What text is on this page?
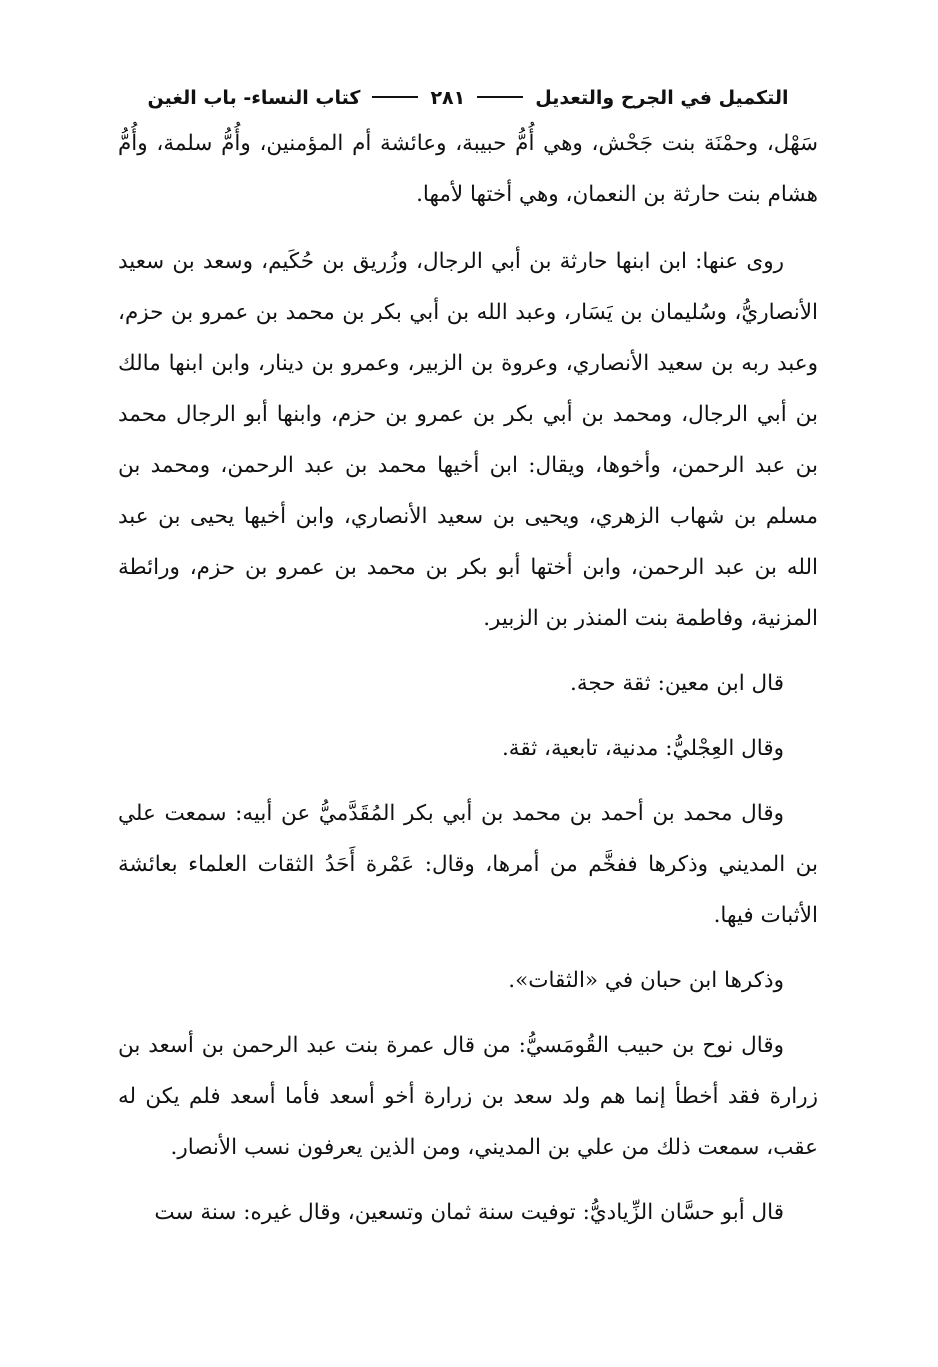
التكميل في الجرح والتعديل
٢٨١
كتاب النساء- باب الغين

سَهْل، وحمْنَة بنت جَحْش، وهي أُمُّ حبيبة، وعائشة أم المؤمنين، وأُمُّ سلمة، وأُمُّ هشام بنت حارثة بن النعمان، وهي أختها لأمها.

روى عنها: ابن ابنها حارثة بن أبي الرجال، وزُريق بن حُكَيم، وسعد بن سعيد الأنصاريُّ، وسُليمان بن يَسَار، وعبد الله بن أبي بكر بن محمد بن عمرو بن حزم، وعبد ربه بن سعيد الأنصاري، وعروة بن الزبير، وعمرو بن دينار، وابن ابنها مالك بن أبي الرجال، ومحمد بن أبي بكر بن عمرو بن حزم، وابنها أبو الرجال محمد بن عبد الرحمن، وأخوها، ويقال: ابن أخيها محمد بن عبد الرحمن، ومحمد بن مسلم بن شهاب الزهري، ويحيى بن سعيد الأنصاري، وابن أخيها يحيى بن عبد الله بن عبد الرحمن، وابن أختها أبو بكر بن محمد بن عمرو بن حزم، ورائطة المزنية، وفاطمة بنت المنذر بن الزبير.

قال ابن معين: ثقة حجة.

وقال العِجْليُّ: مدنية، تابعية، ثقة.

وقال محمد بن أحمد بن محمد بن أبي بكر المُقَدَّميُّ عن أبيه: سمعت علي بن المديني وذكرها ففخَّم من أمرها، وقال: عَمْرة أَحَدُ الثقات العلماء بعائشة الأثبات فيها.

وذكرها ابن حبان في «الثقات».

وقال نوح بن حبيب القُومَسيُّ: من قال عمرة بنت عبد الرحمن بن أسعد بن زرارة فقد أخطأ إنما هم ولد سعد بن زرارة أخو أسعد فأما أسعد فلم يكن له عقب، سمعت ذلك من علي بن المديني، ومن الذين يعرفون نسب الأنصار.

قال أبو حسَّان الزِّياديُّ: توفيت سنة ثمان وتسعين، وقال غيره: سنة ست
